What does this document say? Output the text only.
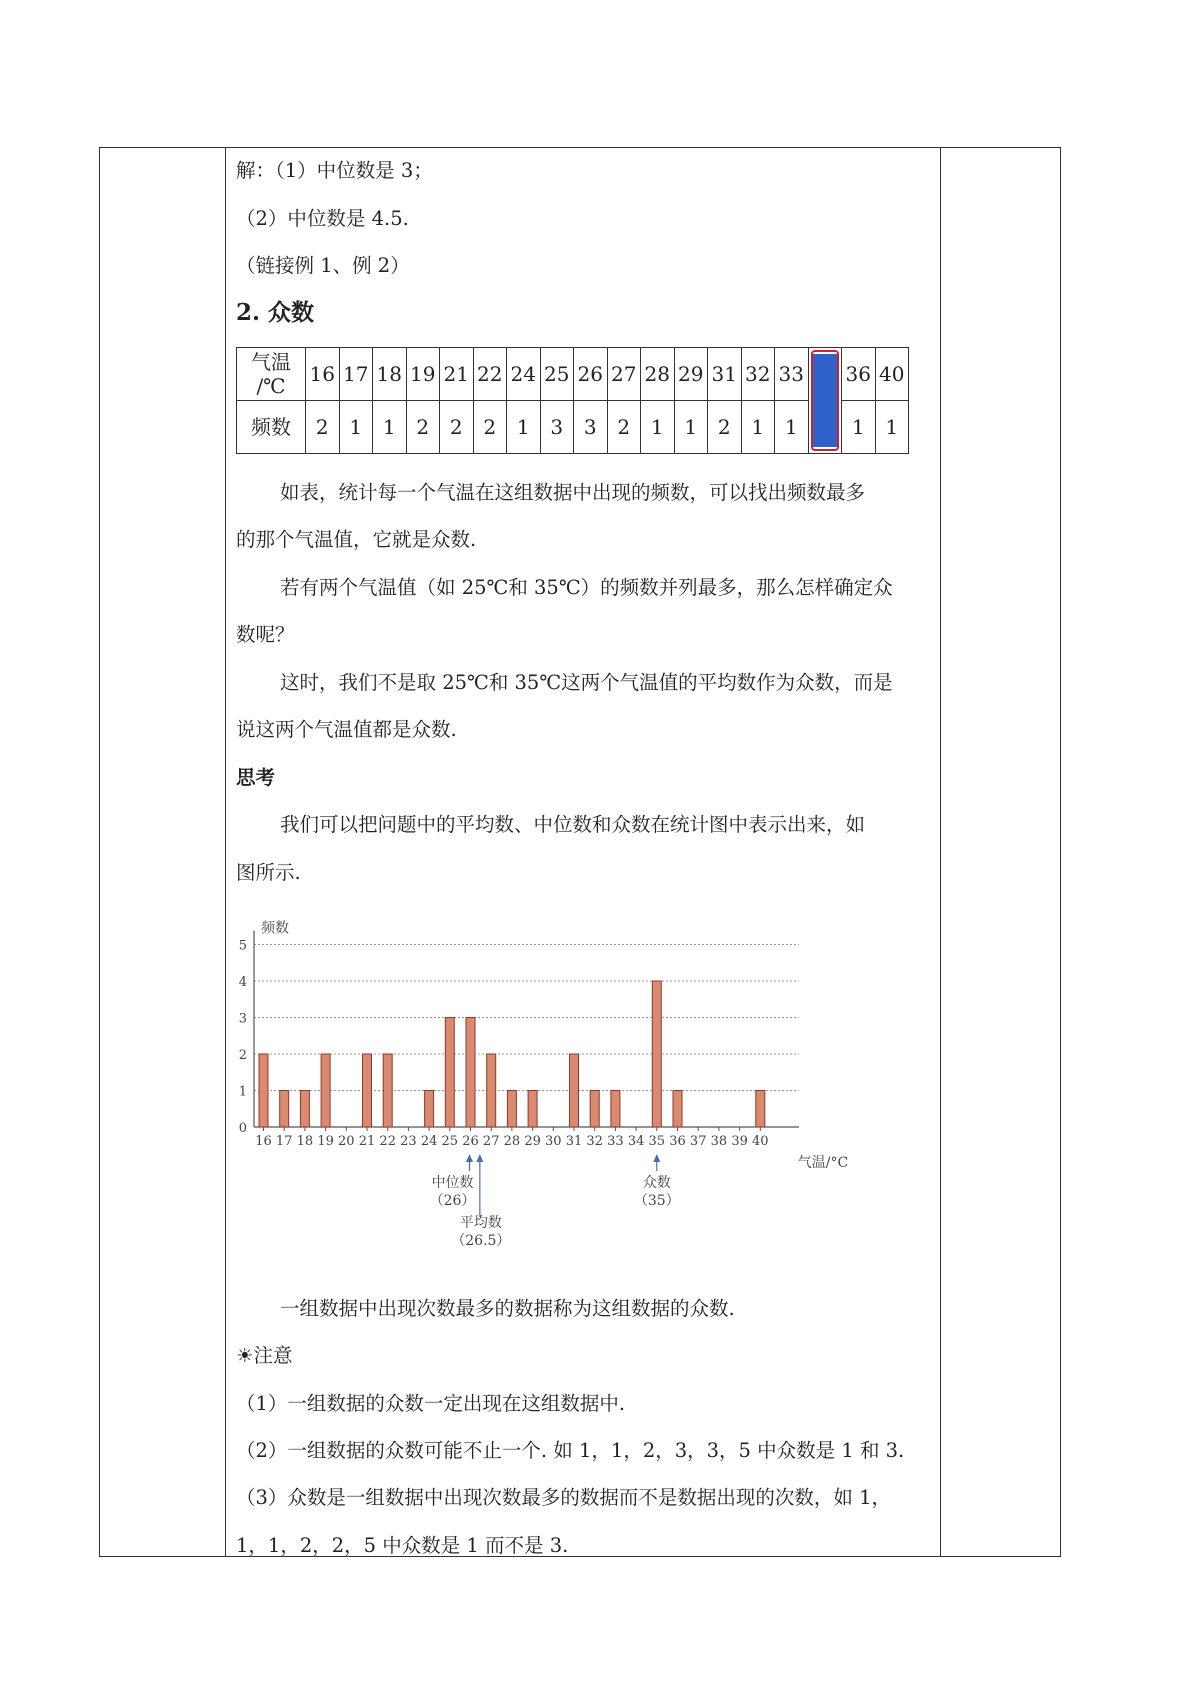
解：（1）中位数是 3；
（2）中位数是 4.5.
（链接例 1、例 2）
2. 众数
气温
/℃	16	17	18	19	21	22	24	25	26	27	28	29	31	32	33		36	40
频数	2	1	1	2	2	2	1	3	3	2	1	1	2	1	1		1	1
如表，统计每一个气温在这组数据中出现的频数，可以找出频数最多
的那个气温值，它就是众数.
若有两个气温值（如 25℃和 35℃）的频数并列最多，那么怎样确定众
数呢？
这时，我们不是取 25℃和 35℃这两个气温值的平均数作为众数，而是
说这两个气温值都是众数.
思考
我们可以把问题中的平均数、中位数和众数在统计图中表示出来，如
图所示.
0
1
2
3
4
5
频数
16 17 18 19 20 21 22 23 24 25 26 27 28 29 30 31 32 33 34 35 36 37 38 39 40
气温/°C
中位数
（26）
平均数
（26.5）
众数
（35）
一组数据中出现次数最多的数据称为这组数据的众数.
☀注意
（1）一组数据的众数一定出现在这组数据中.
（2）一组数据的众数可能不止一个. 如 1，1，2，3，3，5 中众数是 1 和 3.
（3）众数是一组数据中出现次数最多的数据而不是数据出现的次数，如 1，
1，1，2，2，5 中众数是 1 而不是 3.
